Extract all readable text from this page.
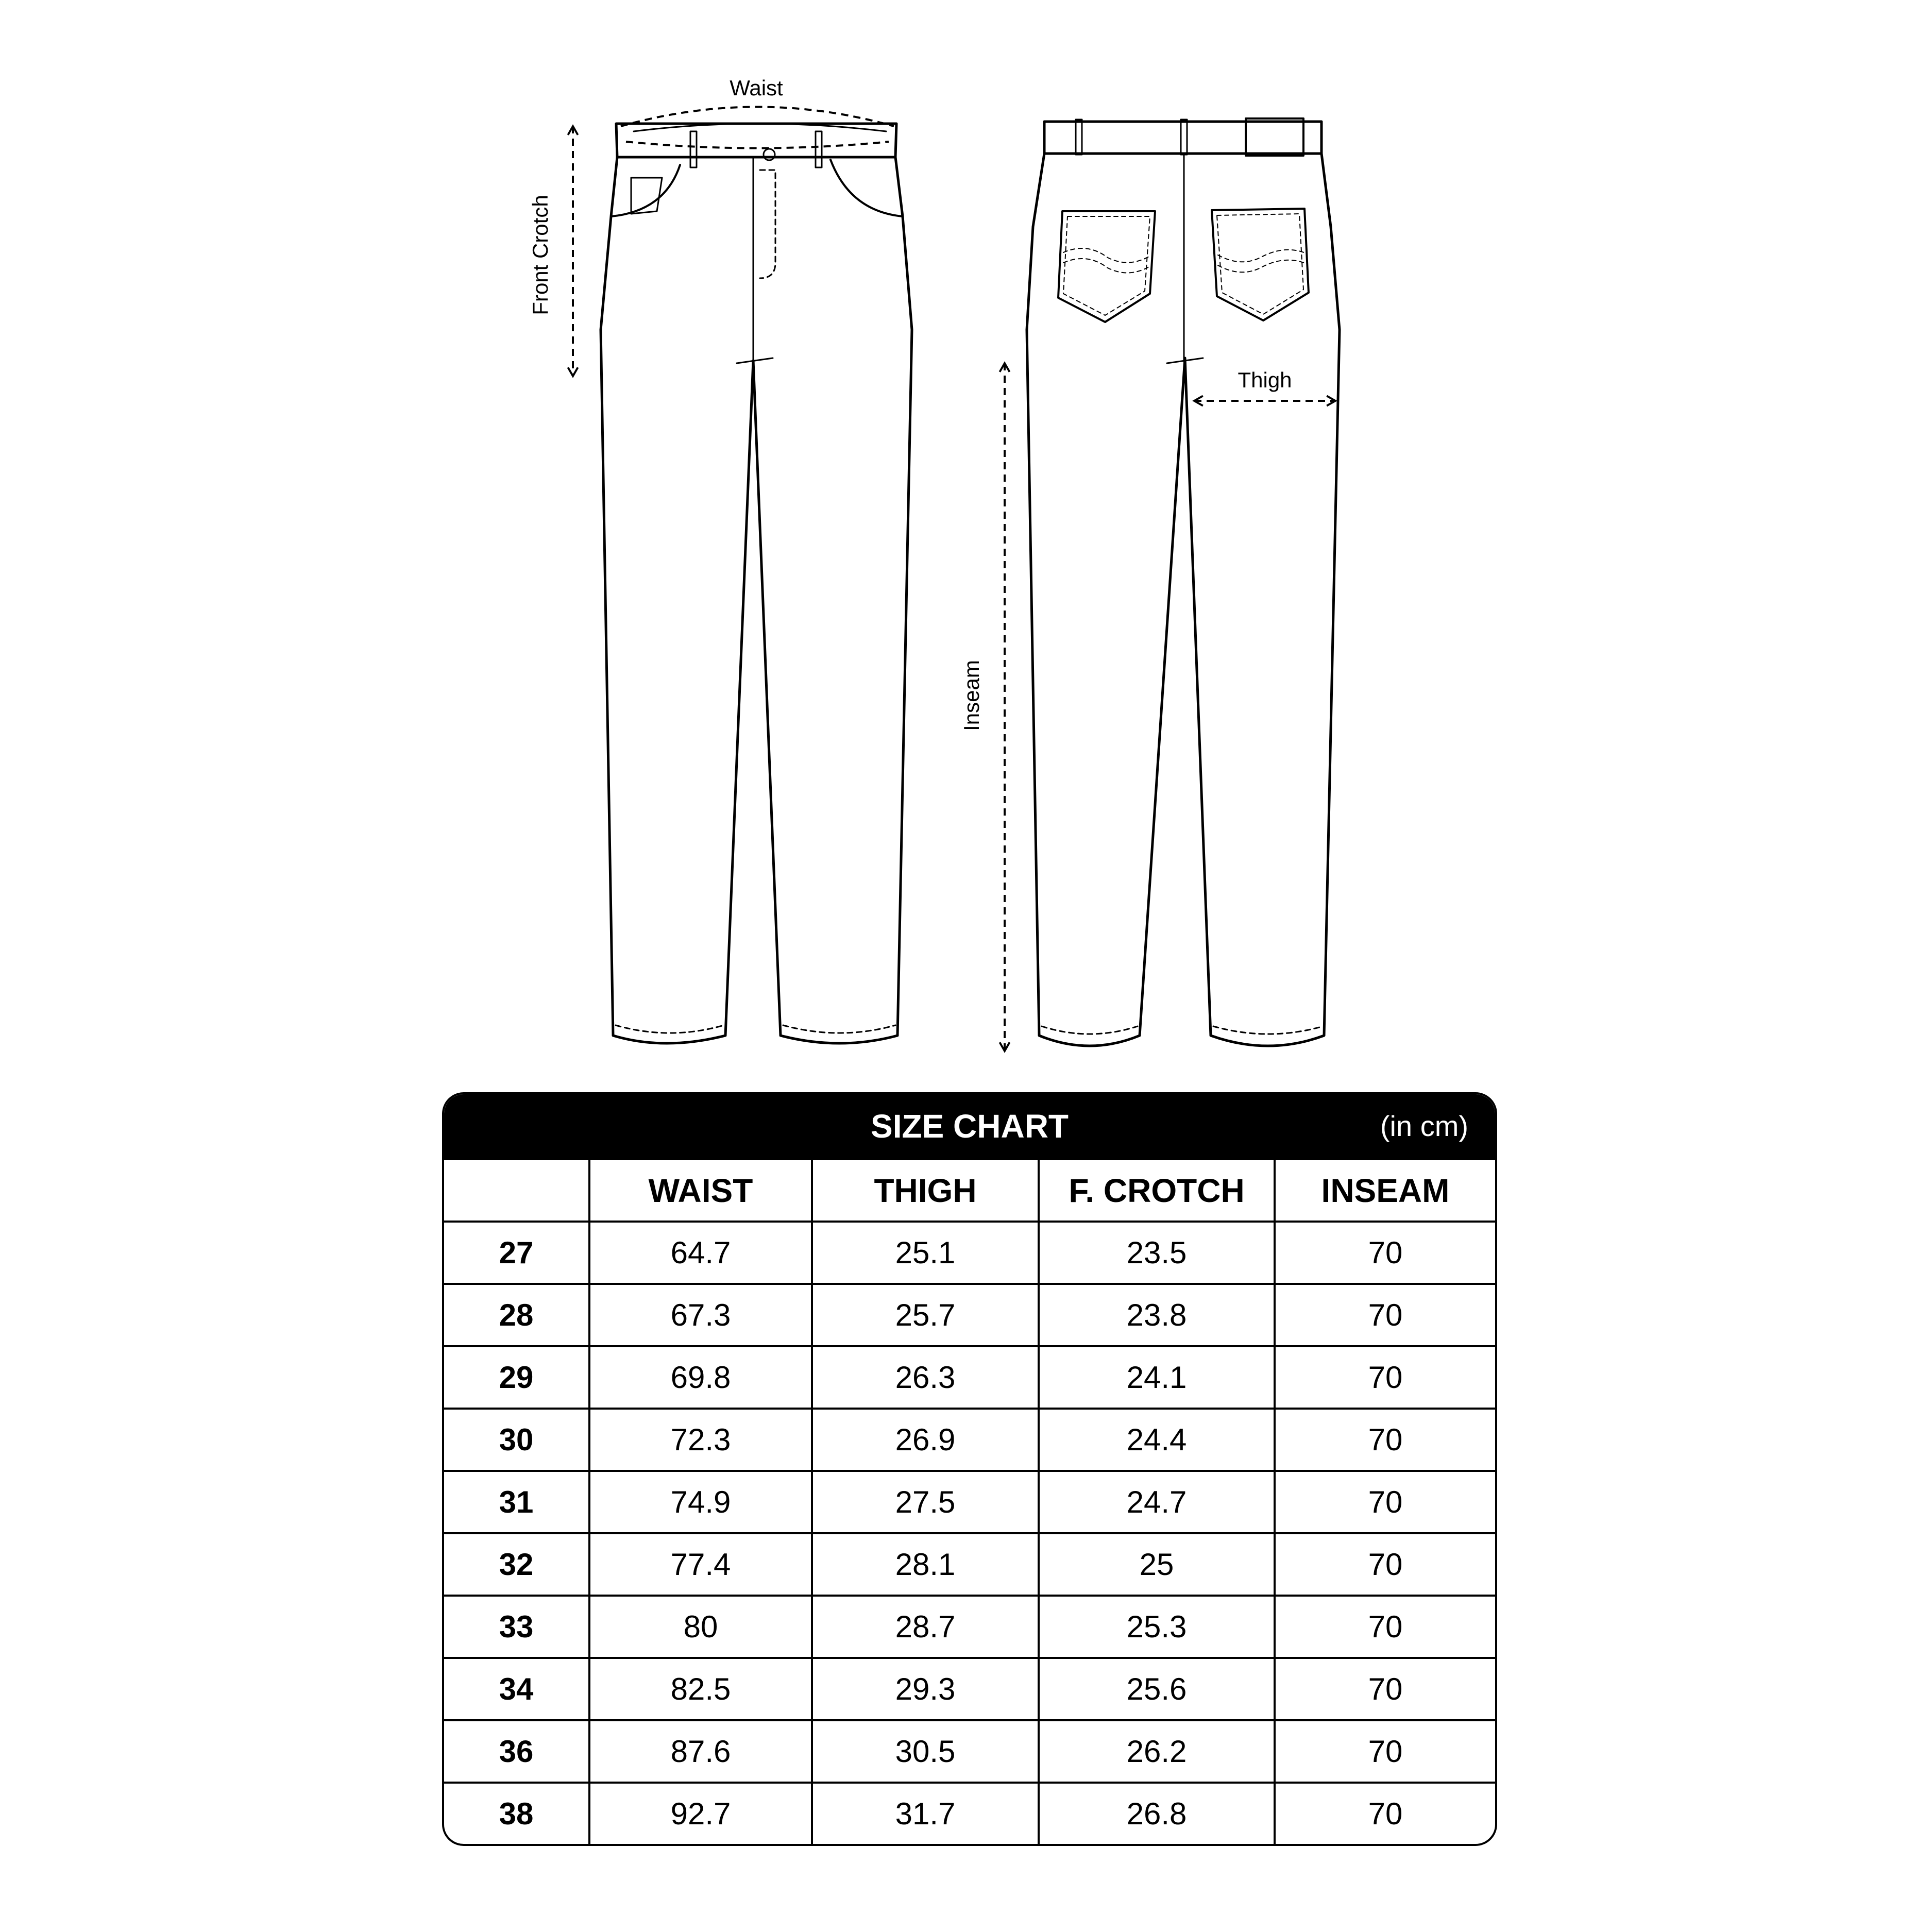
Waist
Front Crotch
Thigh
Inseam
SIZE CHART	(in cm)
	WAIST	THIGH	F. CROTCH	INSEAM
27	64.7	25.1	23.5	70
28	67.3	25.7	23.8	70
29	69.8	26.3	24.1	70
30	72.3	26.9	24.4	70
31	74.9	27.5	24.7	70
32	77.4	28.1	25	70
33	80	28.7	25.3	70
34	82.5	29.3	25.6	70
36	87.6	30.5	26.2	70
38	92.7	31.7	26.8	70
